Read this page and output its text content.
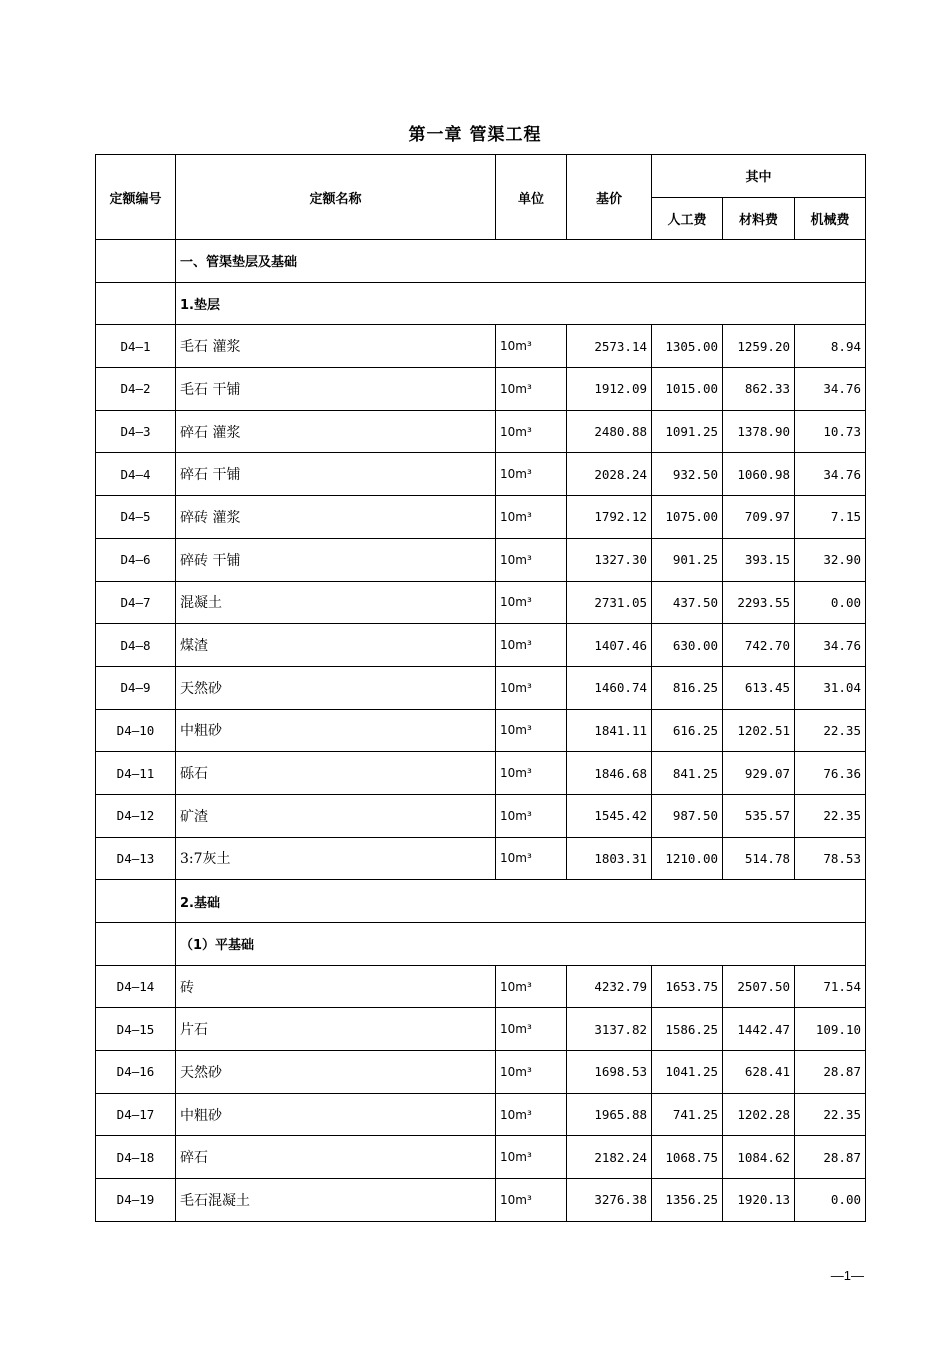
第一章 管渠工程
定额编号	定额名称	单位	基价	其中		
				人工费	材料费	机械费
	一、管渠垫层及基础					
	1.垫层					
D4—1	毛石 灌浆	10m³	2573.14	1305.00	1259.20	8.94
D4—2	毛石 干铺	10m³	1912.09	1015.00	862.33	34.76
D4—3	碎石 灌浆	10m³	2480.88	1091.25	1378.90	10.73
D4—4	碎石 干铺	10m³	2028.24	932.50	1060.98	34.76
D4—5	碎砖 灌浆	10m³	1792.12	1075.00	709.97	7.15
D4—6	碎砖 干铺	10m³	1327.30	901.25	393.15	32.90
D4—7	混凝土	10m³	2731.05	437.50	2293.55	0.00
D4—8	煤渣	10m³	1407.46	630.00	742.70	34.76
D4—9	天然砂	10m³	1460.74	816.25	613.45	31.04
D4—10	中粗砂	10m³	1841.11	616.25	1202.51	22.35
D4—11	砾石	10m³	1846.68	841.25	929.07	76.36
D4—12	矿渣	10m³	1545.42	987.50	535.57	22.35
D4—13	3:7灰土	10m³	1803.31	1210.00	514.78	78.53
	2.基础					
	（1）平基础					
D4—14	砖	10m³	4232.79	1653.75	2507.50	71.54
D4—15	片石	10m³	3137.82	1586.25	1442.47	109.10
D4—16	天然砂	10m³	1698.53	1041.25	628.41	28.87
D4—17	中粗砂	10m³	1965.88	741.25	1202.28	22.35
D4—18	碎石	10m³	2182.24	1068.75	1084.62	28.87
D4—19	毛石混凝土	10m³	3276.38	1356.25	1920.13	0.00
—1—
